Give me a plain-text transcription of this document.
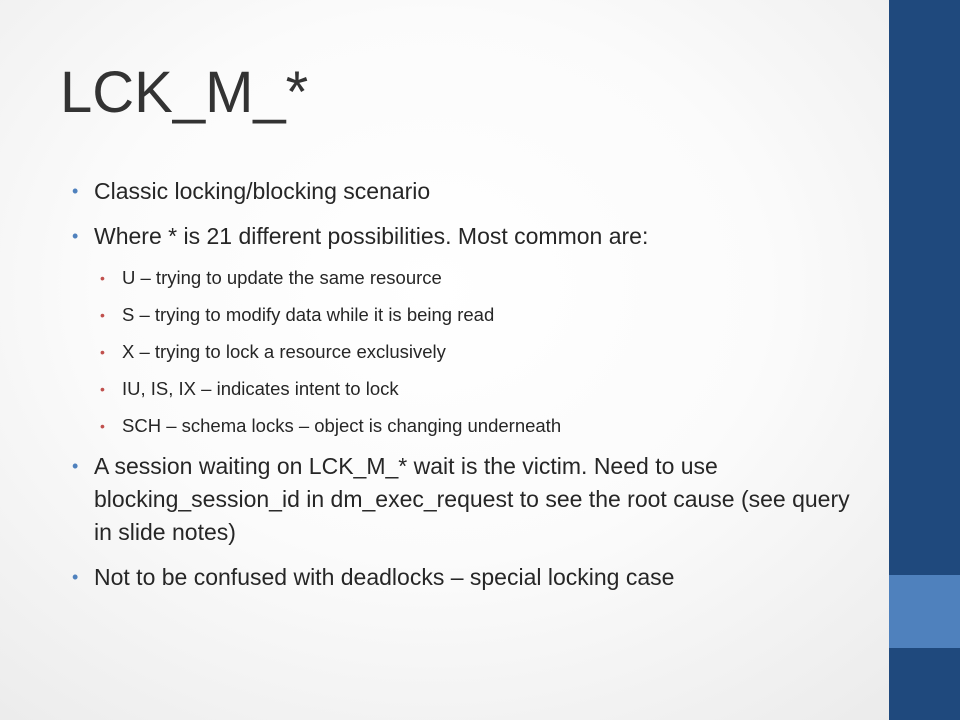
LCK_M_*
• Classic locking/blocking scenario
• Where * is 21 different possibilities. Most common are:
• U – trying to update the same resource
• S – trying to modify data while it is being read
• X – trying to lock a resource exclusively
• IU, IS, IX – indicates intent to lock
• SCH – schema locks – object is changing underneath
• A session waiting on LCK_M_* wait is the victim. Need to use blocking_session_id in dm_exec_request to see the root cause (see query in slide notes)
• Not to be confused with deadlocks – special locking case
